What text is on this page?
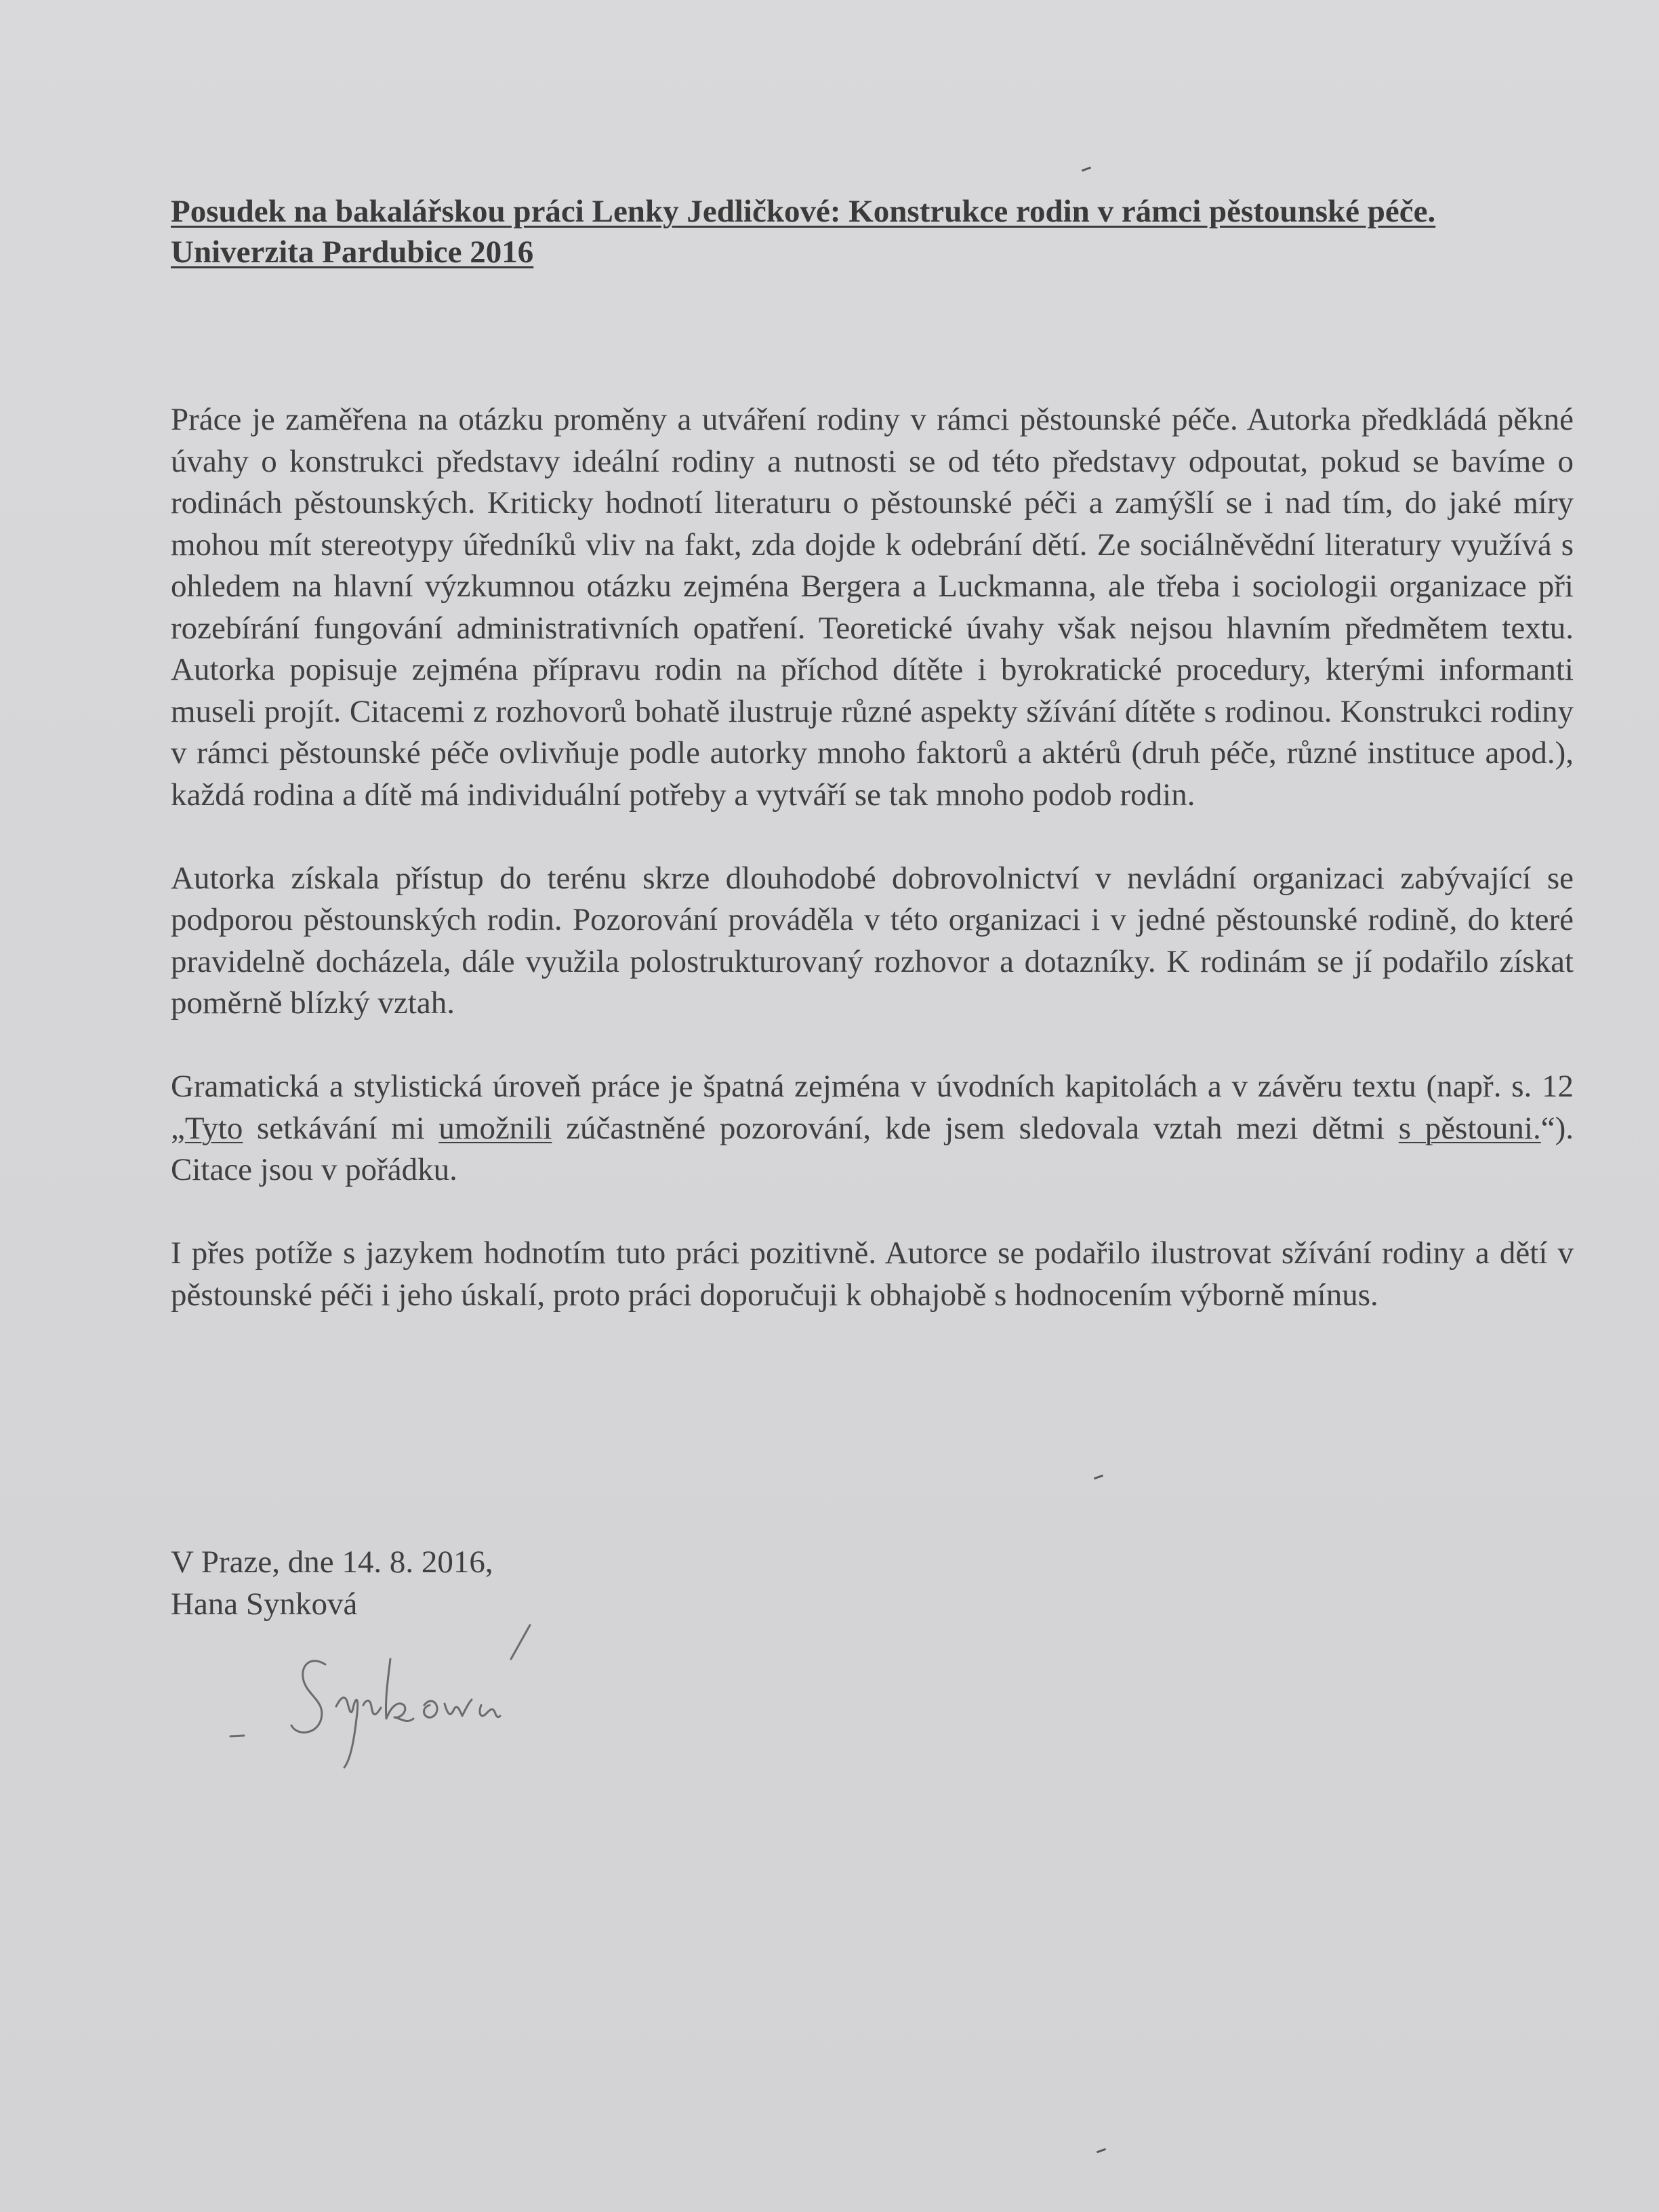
Posudek na bakalářskou práci Lenky Jedličkové: Konstrukce rodin v rámci pěstounské péče. Univerzita Pardubice 2016

Práce je zaměřena na otázku proměny a utváření rodiny v rámci pěstounské péče. Autorka předkládá pěkné úvahy o konstrukci představy ideální rodiny a nutnosti se od této představy odpoutat, pokud se bavíme o rodinách pěstounských. Kriticky hodnotí literaturu o pěstounské péči a zamýšlí se i nad tím, do jaké míry mohou mít stereotypy úředníků vliv na fakt, zda dojde k odebrání dětí. Ze sociálněvědní literatury využívá s ohledem na hlavní výzkumnou otázku zejména Bergera a Luckmanna, ale třeba i sociologii organizace při rozebírání fungování administrativních opatření. Teoretické úvahy však nejsou hlavním předmětem textu. Autorka popisuje zejména přípravu rodin na příchod dítěte i byrokratické procedury, kterými informanti museli projít. Citacemi z rozhovorů bohatě ilustruje různé aspekty sžívání dítěte s rodinou. Konstrukci rodiny v rámci pěstounské péče ovlivňuje podle autorky mnoho faktorů a aktérů (druh péče, různé instituce apod.), každá rodina a dítě má individuální potřeby a vytváří se tak mnoho podob rodin.

Autorka získala přístup do terénu skrze dlouhodobé dobrovolnictví v nevládní organizaci zabývající se podporou pěstounských rodin. Pozorování prováděla v této organizaci i v jedné pěstounské rodině, do které pravidelně docházela, dále využila polostrukturovaný rozhovor a dotazníky. K rodinám se jí podařilo získat poměrně blízký vztah.

Gramatická a stylistická úroveň práce je špatná zejména v úvodních kapitolách a v závěru textu (např. s. 12 „Tyto setkávání mi umožnili zúčastněné pozorování, kde jsem sledovala vztah mezi dětmi s pěstouni.“). Citace jsou v pořádku.

I přes potíže s jazykem hodnotím tuto práci pozitivně. Autorce se podařilo ilustrovat sžívání rodiny a dětí v pěstounské péči i jeho úskalí, proto práci doporučuji k obhajobě s hodnocením výborně mínus.

V Praze, dne 14. 8. 2016,
Hana Synková
